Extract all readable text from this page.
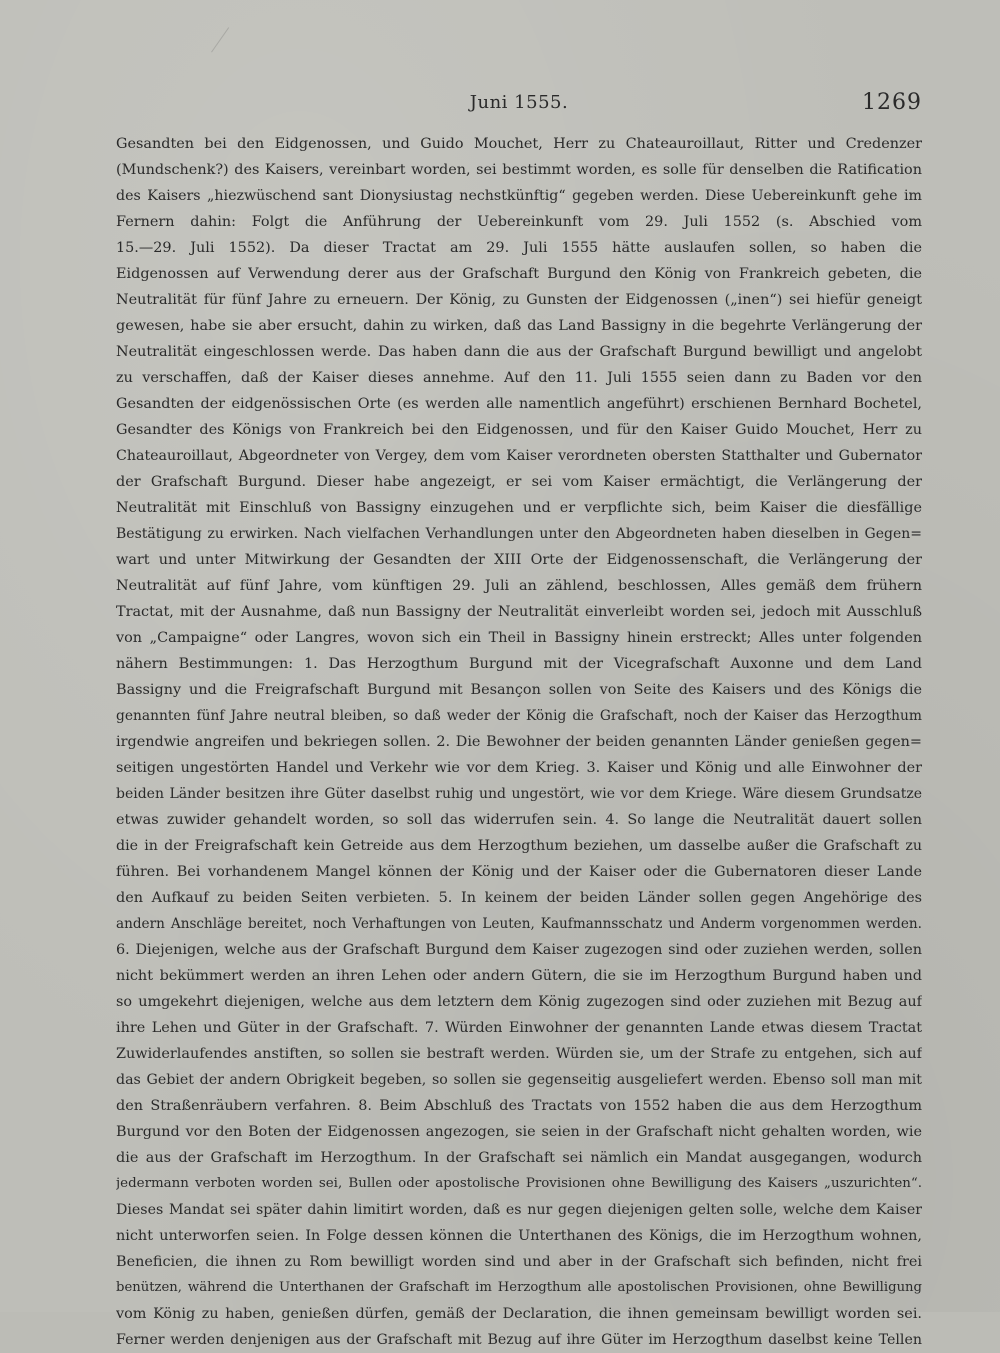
Juni 1555.	1269
Gesandten bei den Eidgenossen, und Guido Mouchet, Herr zu Chateauroillaut, Ritter und Credenzer
(Mundschenk?) des Kaisers, vereinbart worden, sei bestimmt worden, es solle für denselben die Ratification
des Kaisers „hiezwüschend sant Dionysiustag nechstkünftig“ gegeben werden. Diese Uebereinkunft gehe im
Fernern dahin: Folgt die Anführung der Uebereinkunft vom 29. Juli 1552 (s. Abschied vom
15.—29. Juli 1552). Da dieser Tractat am 29. Juli 1555 hätte auslaufen sollen, so haben die
Eidgenossen auf Verwendung derer aus der Grafschaft Burgund den König von Frankreich gebeten, die
Neutralität für fünf Jahre zu erneuern. Der König, zu Gunsten der Eidgenossen („inen“) sei hiefür geneigt
gewesen, habe sie aber ersucht, dahin zu wirken, daß das Land Bassigny in die begehrte Verlängerung der
Neutralität eingeschlossen werde. Das haben dann die aus der Grafschaft Burgund bewilligt und angelobt
zu verschaffen, daß der Kaiser dieses annehme. Auf den 11. Juli 1555 seien dann zu Baden vor den
Gesandten der eidgenössischen Orte (es werden alle namentlich angeführt) erschienen Bernhard Bochetel,
Gesandter des Königs von Frankreich bei den Eidgenossen, und für den Kaiser Guido Mouchet, Herr zu
Chateauroillaut, Abgeordneter von Vergey, dem vom Kaiser verordneten obersten Statthalter und Gubernator
der Grafschaft Burgund. Dieser habe angezeigt, er sei vom Kaiser ermächtigt, die Verlängerung der
Neutralität mit Einschluß von Bassigny einzugehen und er verpflichte sich, beim Kaiser die diesfällige
Bestätigung zu erwirken. Nach vielfachen Verhandlungen unter den Abgeordneten haben dieselben in Gegen=
wart und unter Mitwirkung der Gesandten der XIII Orte der Eidgenossenschaft, die Verlängerung der
Neutralität auf fünf Jahre, vom künftigen 29. Juli an zählend, beschlossen, Alles gemäß dem frühern
Tractat, mit der Ausnahme, daß nun Bassigny der Neutralität einverleibt worden sei, jedoch mit Ausschluß
von „Campaigne“ oder Langres, wovon sich ein Theil in Bassigny hinein erstreckt; Alles unter folgenden
nähern Bestimmungen: 1. Das Herzogthum Burgund mit der Vicegrafschaft Auxonne und dem Land
Bassigny und die Freigrafschaft Burgund mit Besançon sollen von Seite des Kaisers und des Königs die
genannten fünf Jahre neutral bleiben, so daß weder der König die Grafschaft, noch der Kaiser das Herzogthum
irgendwie angreifen und bekriegen sollen. 2. Die Bewohner der beiden genannten Länder genießen gegen=
seitigen ungestörten Handel und Verkehr wie vor dem Krieg. 3. Kaiser und König und alle Einwohner der
beiden Länder besitzen ihre Güter daselbst ruhig und ungestört, wie vor dem Kriege. Wäre diesem Grundsatze
etwas zuwider gehandelt worden, so soll das widerrufen sein. 4. So lange die Neutralität dauert sollen
die in der Freigrafschaft kein Getreide aus dem Herzogthum beziehen, um dasselbe außer die Grafschaft zu
führen. Bei vorhandenem Mangel können der König und der Kaiser oder die Gubernatoren dieser Lande
den Aufkauf zu beiden Seiten verbieten. 5. In keinem der beiden Länder sollen gegen Angehörige des
andern Anschläge bereitet, noch Verhaftungen von Leuten, Kaufmannsschatz und Anderm vorgenommen werden.
6. Diejenigen, welche aus der Grafschaft Burgund dem Kaiser zugezogen sind oder zuziehen werden, sollen
nicht bekümmert werden an ihren Lehen oder andern Gütern, die sie im Herzogthum Burgund haben und
so umgekehrt diejenigen, welche aus dem letztern dem König zugezogen sind oder zuziehen mit Bezug auf
ihre Lehen und Güter in der Grafschaft. 7. Würden Einwohner der genannten Lande etwas diesem Tractat
Zuwiderlaufendes anstiften, so sollen sie bestraft werden. Würden sie, um der Strafe zu entgehen, sich auf
das Gebiet der andern Obrigkeit begeben, so sollen sie gegenseitig ausgeliefert werden. Ebenso soll man mit
den Straßenräubern verfahren. 8. Beim Abschluß des Tractats von 1552 haben die aus dem Herzogthum
Burgund vor den Boten der Eidgenossen angezogen, sie seien in der Grafschaft nicht gehalten worden, wie
die aus der Grafschaft im Herzogthum. In der Grafschaft sei nämlich ein Mandat ausgegangen, wodurch
jedermann verboten worden sei, Bullen oder apostolische Provisionen ohne Bewilligung des Kaisers „uszurichten“.
Dieses Mandat sei später dahin limitirt worden, daß es nur gegen diejenigen gelten solle, welche dem Kaiser
nicht unterworfen seien. In Folge dessen können die Unterthanen des Königs, die im Herzogthum wohnen,
Beneficien, die ihnen zu Rom bewilligt worden sind und aber in der Grafschaft sich befinden, nicht frei
benützen, während die Unterthanen der Grafschaft im Herzogthum alle apostolischen Provisionen, ohne Bewilligung
vom König zu haben, genießen dürfen, gemäß der Declaration, die ihnen gemeinsam bewilligt worden sei.
Ferner werden denjenigen aus der Grafschaft mit Bezug auf ihre Güter im Herzogthum daselbst keine Tellen
